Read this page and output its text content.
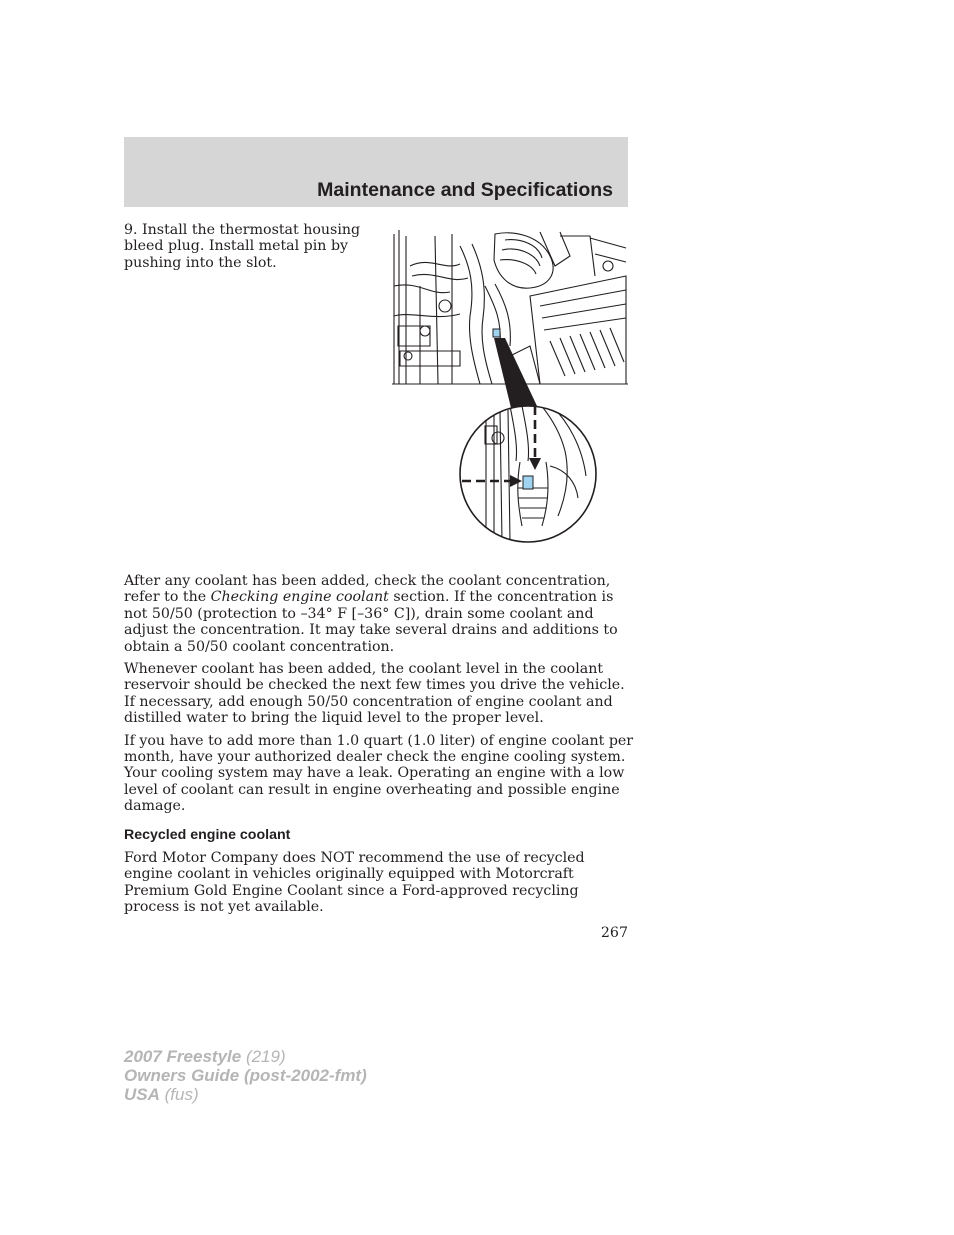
Maintenance and Specifications

9. Install the thermostat housing bleed plug. Install metal pin by pushing into the slot.

After any coolant has been added, check the coolant concentration, refer to the Checking engine coolant section. If the concentration is not 50/50 (protection to –34° F [–36° C]), drain some coolant and adjust the concentration. It may take several drains and additions to obtain a 50/50 coolant concentration.

Whenever coolant has been added, the coolant level in the coolant reservoir should be checked the next few times you drive the vehicle. If necessary, add enough 50/50 concentration of engine coolant and distilled water to bring the liquid level to the proper level.

If you have to add more than 1.0 quart (1.0 liter) of engine coolant per month, have your authorized dealer check the engine cooling system. Your cooling system may have a leak. Operating an engine with a low level of coolant can result in engine overheating and possible engine damage.

Recycled engine coolant

Ford Motor Company does NOT recommend the use of recycled engine coolant in vehicles originally equipped with Motorcraft Premium Gold Engine Coolant since a Ford-approved recycling process is not yet available.

267
2007 Freestyle (219)
Owners Guide (post-2002-fmt)
USA (fus)
